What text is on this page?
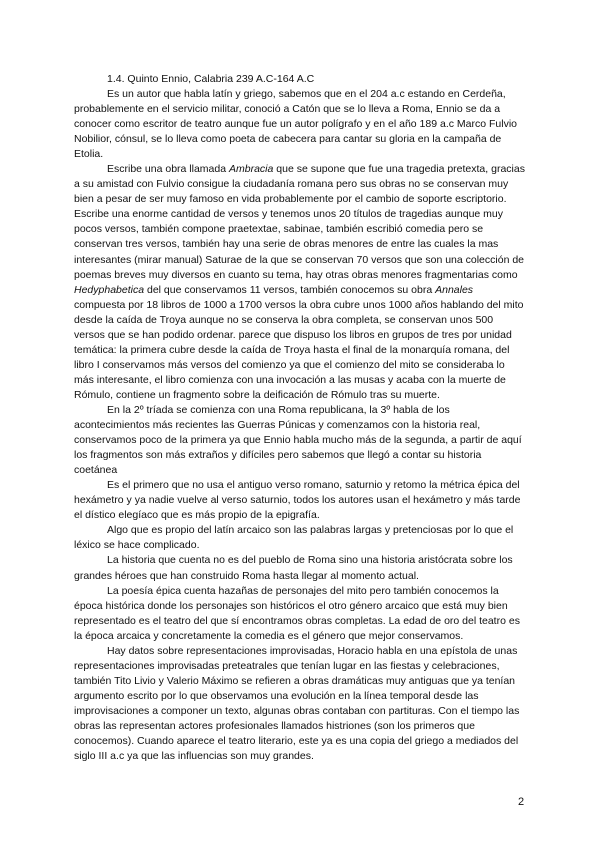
1.4. Quinto Ennio, Calabria 239 A.C-164 A.C

Es un autor que habla latín y griego, sabemos que en el 204 a.c estando en Cerdeña, probablemente en el servicio militar, conoció a Catón que se lo lleva a Roma, Ennio se da a conocer como escritor de teatro aunque fue un autor polígrafo y en el año 189 a.c Marco Fulvio Nobilior, cónsul, se lo lleva como poeta de cabecera para cantar su gloria en la campaña de Etolia.

Escribe una obra llamada Ambracia que se supone que fue una tragedia pretexta, gracias a su amistad con Fulvio consigue la ciudadanía romana pero sus obras no se conservan muy bien a pesar de ser muy famoso en vida probablemente por el cambio de soporte escriptorio. Escribe una enorme cantidad de versos y tenemos unos 20 títulos de tragedias aunque muy pocos versos, también compone praetextae, sabinae, también escribió comedia pero se conservan tres versos, también hay una serie de obras menores de entre las cuales la mas interesantes (mirar manual) Saturae de la que se conservan 70 versos que son una colección de poemas breves muy diversos en cuanto su tema, hay otras obras menores fragmentarias como Hedyphabetica del que conservamos 11 versos, también conocemos su obra Annales compuesta por 18 libros de 1000 a 1700 versos la obra cubre unos 1000 años hablando del mito desde la caída de Troya aunque no se conserva la obra completa, se conservan unos 500 versos que se han podido ordenar. parece que dispuso los libros en grupos de tres por unidad temática: la primera cubre desde la caída de Troya hasta el final de la monarquía romana, del libro I conservamos más versos del comienzo ya que el comienzo del mito se consideraba lo más interesante, el libro comienza con una invocación a las musas y acaba con la muerte de Rómulo, contiene un fragmento sobre la deificación de Rómulo tras su muerte.

En la 2º tríada se comienza con una Roma republicana, la 3º habla de los acontecimientos más recientes las Guerras Púnicas y comenzamos con la historia real, conservamos poco de la primera ya que Ennio habla mucho más de la segunda, a partir de aquí los fragmentos son más extraños y difíciles pero sabemos que llegó a contar su historia coetánea

Es el primero que no usa el antiguo verso romano, saturnio y retomo la métrica épica del hexámetro y ya nadie vuelve al verso saturnio, todos los autores usan el hexámetro y más tarde el dístico elegíaco que es más propio de la epigrafía.

Algo que es propio del latín arcaico son las palabras largas y pretenciosas por lo que el léxico se hace complicado.

La historia que cuenta no es del pueblo de Roma sino una historia aristócrata sobre los grandes héroes que han construido Roma hasta llegar al momento actual.

La poesía épica cuenta hazañas de personajes del mito pero también conocemos la época histórica donde los personajes son históricos el otro género arcaico que está muy bien representado es el teatro del que sí encontramos obras completas. La edad de oro del teatro es la época arcaica y concretamente la comedia es el género que mejor conservamos.

Hay datos sobre representaciones improvisadas, Horacio habla en una epístola de unas representaciones improvisadas preteatrales que tenían lugar en las fiestas y celebraciones, también Tito Livio y Valerio Máximo se refieren a obras dramáticas muy antiguas que ya tenían argumento escrito por lo que observamos una evolución en la línea temporal desde las improvisaciones a componer un texto, algunas obras contaban con partituras. Con el tiempo las obras las representan actores profesionales llamados histriones (son los primeros que conocemos). Cuando aparece el teatro literario, este ya es una copia del griego a mediados del siglo III a.c ya que las influencias son muy grandes.

2
